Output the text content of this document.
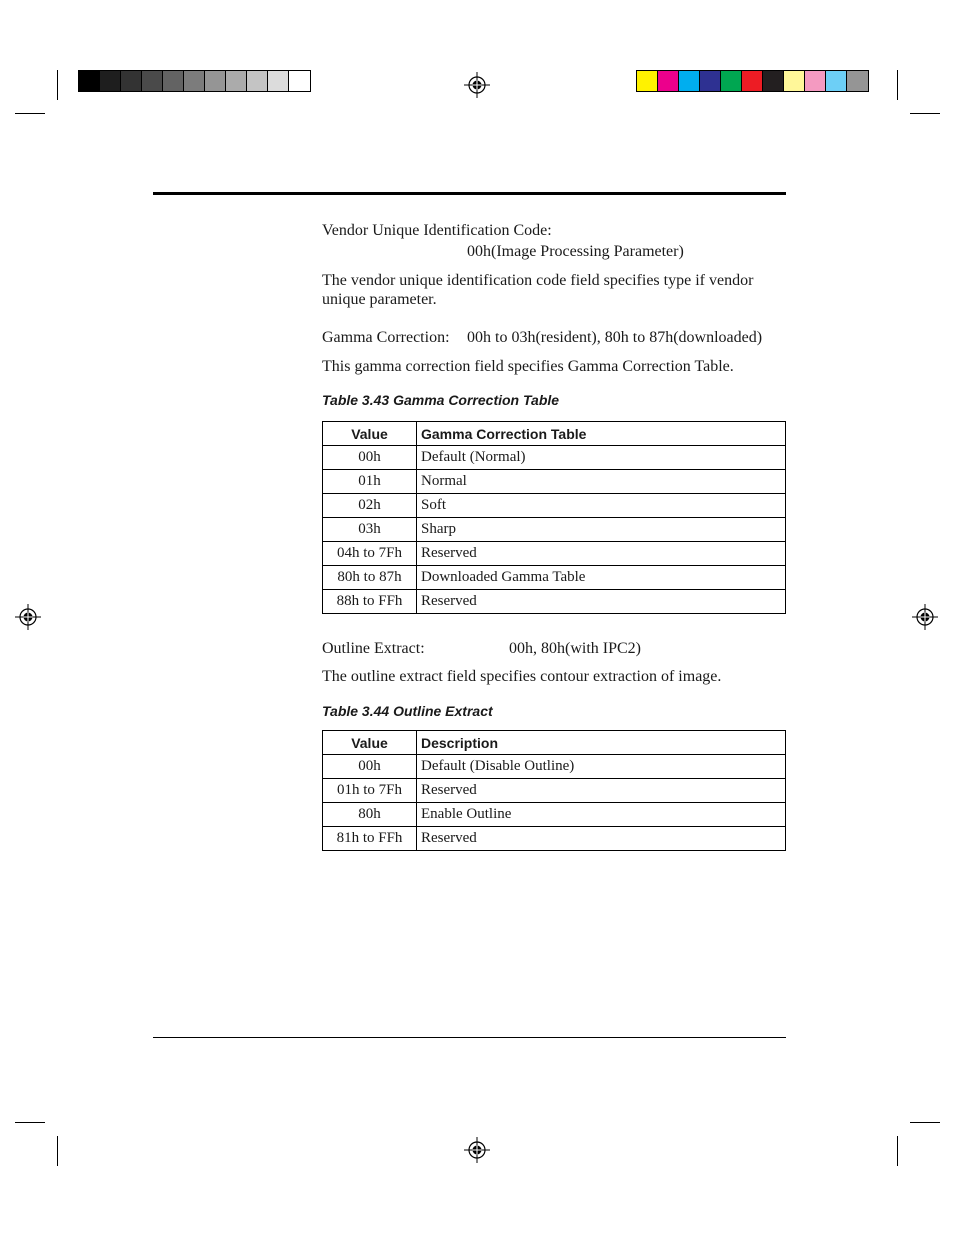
Vendor Unique Identification Code:
00h(Image Processing Parameter)
The vendor unique identification code field specifies type if vendor
unique parameter.
Gamma Correction:	00h to 03h(resident), 80h to 87h(downloaded)
This gamma correction field specifies Gamma Correction Table.
Table 3.43 Gamma Correction Table
Value	Gamma Correction Table
00h	Default (Normal)
01h	Normal
02h	Soft
03h	Sharp
04h to 7Fh	Reserved
80h to 87h	Downloaded Gamma Table
88h to FFh	Reserved
Outline Extract:	00h, 80h(with IPC2)
The outline extract field specifies contour extraction of image.
Table 3.44 Outline Extract
Value	Description
00h	Default (Disable Outline)
01h to 7Fh	Reserved
80h	Enable Outline
81h to FFh	Reserved
